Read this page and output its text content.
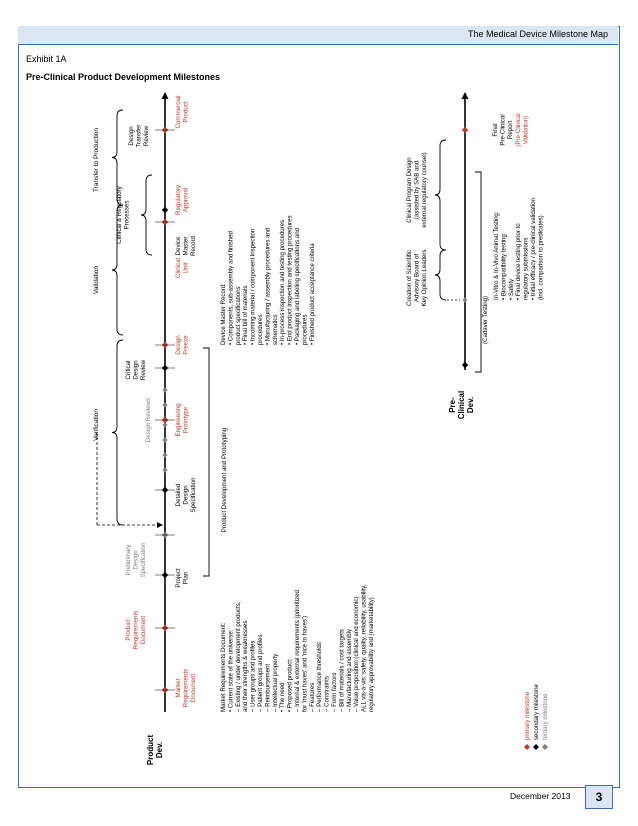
The Medical Device Milestone Map
Exhibit 1A
Pre-Clinical Product Development Milestones
December 2013	3
Product Dev.
Market Requirements Document
Product Requirements Document
Engineering Prototype
Design Freeze
Clinical Unit
Regulatory Approval
Commercial Product
Project Plan
Detailed Design Specification
Critical Design Review
Device Master Record
Design Transfer Review
Preliminary Design Specification
Design Reviews
Verification
Validation
Transfer to Production
Clinical & Regulatory Processes
Product Development and Prototyping
Market Requirements Document: • Current state of the universe: – Existing / under development products, and their strengths & weaknesses – User groups and profiles – Patient groups and profiles – Reimbursement – Intellectual property • The need • Proposed product: – Internal & external requirements (prioritized for 'must haves' and 'nice to haves') – Features – Performance thresholds – Constraints – Form factors – Bill of materials / cost targets – Manufacturing and assembly – Value proposition (clinical and economic) ALL vis-à-vis: safety, quality, reliability, usability, regulatory approvability and (marketability)
Device Master Record: • Components, sub-assembly and finished product specifications • Final bill of materials • Incoming material / component inspection procedures • Manufacturing / assembly procedures and schematics • In-process inspection and testing procedures • End product inspection and testing procedures • Packaging and labeling specifications and procedures • Finished product acceptance criteria
Pre- Clinical Dev.
(Cadaver Testing)
Creation of Scientific Advisory Board of Key Opinion Leaders
Clinical Program Design (assisted by SAB and external regulatory counsel)
Final Pre-Clinical Report (Pre-Clinical Validation)
In-Vitro & In-Vivo Animal Testing: • Biocompatibility testing • Safety • Final device testing prior to regulatory submissions • Initial efficacy / pre-clinical validation (incl. comparison to predicates)
primary milestone secondary milestone tertiary milestone
